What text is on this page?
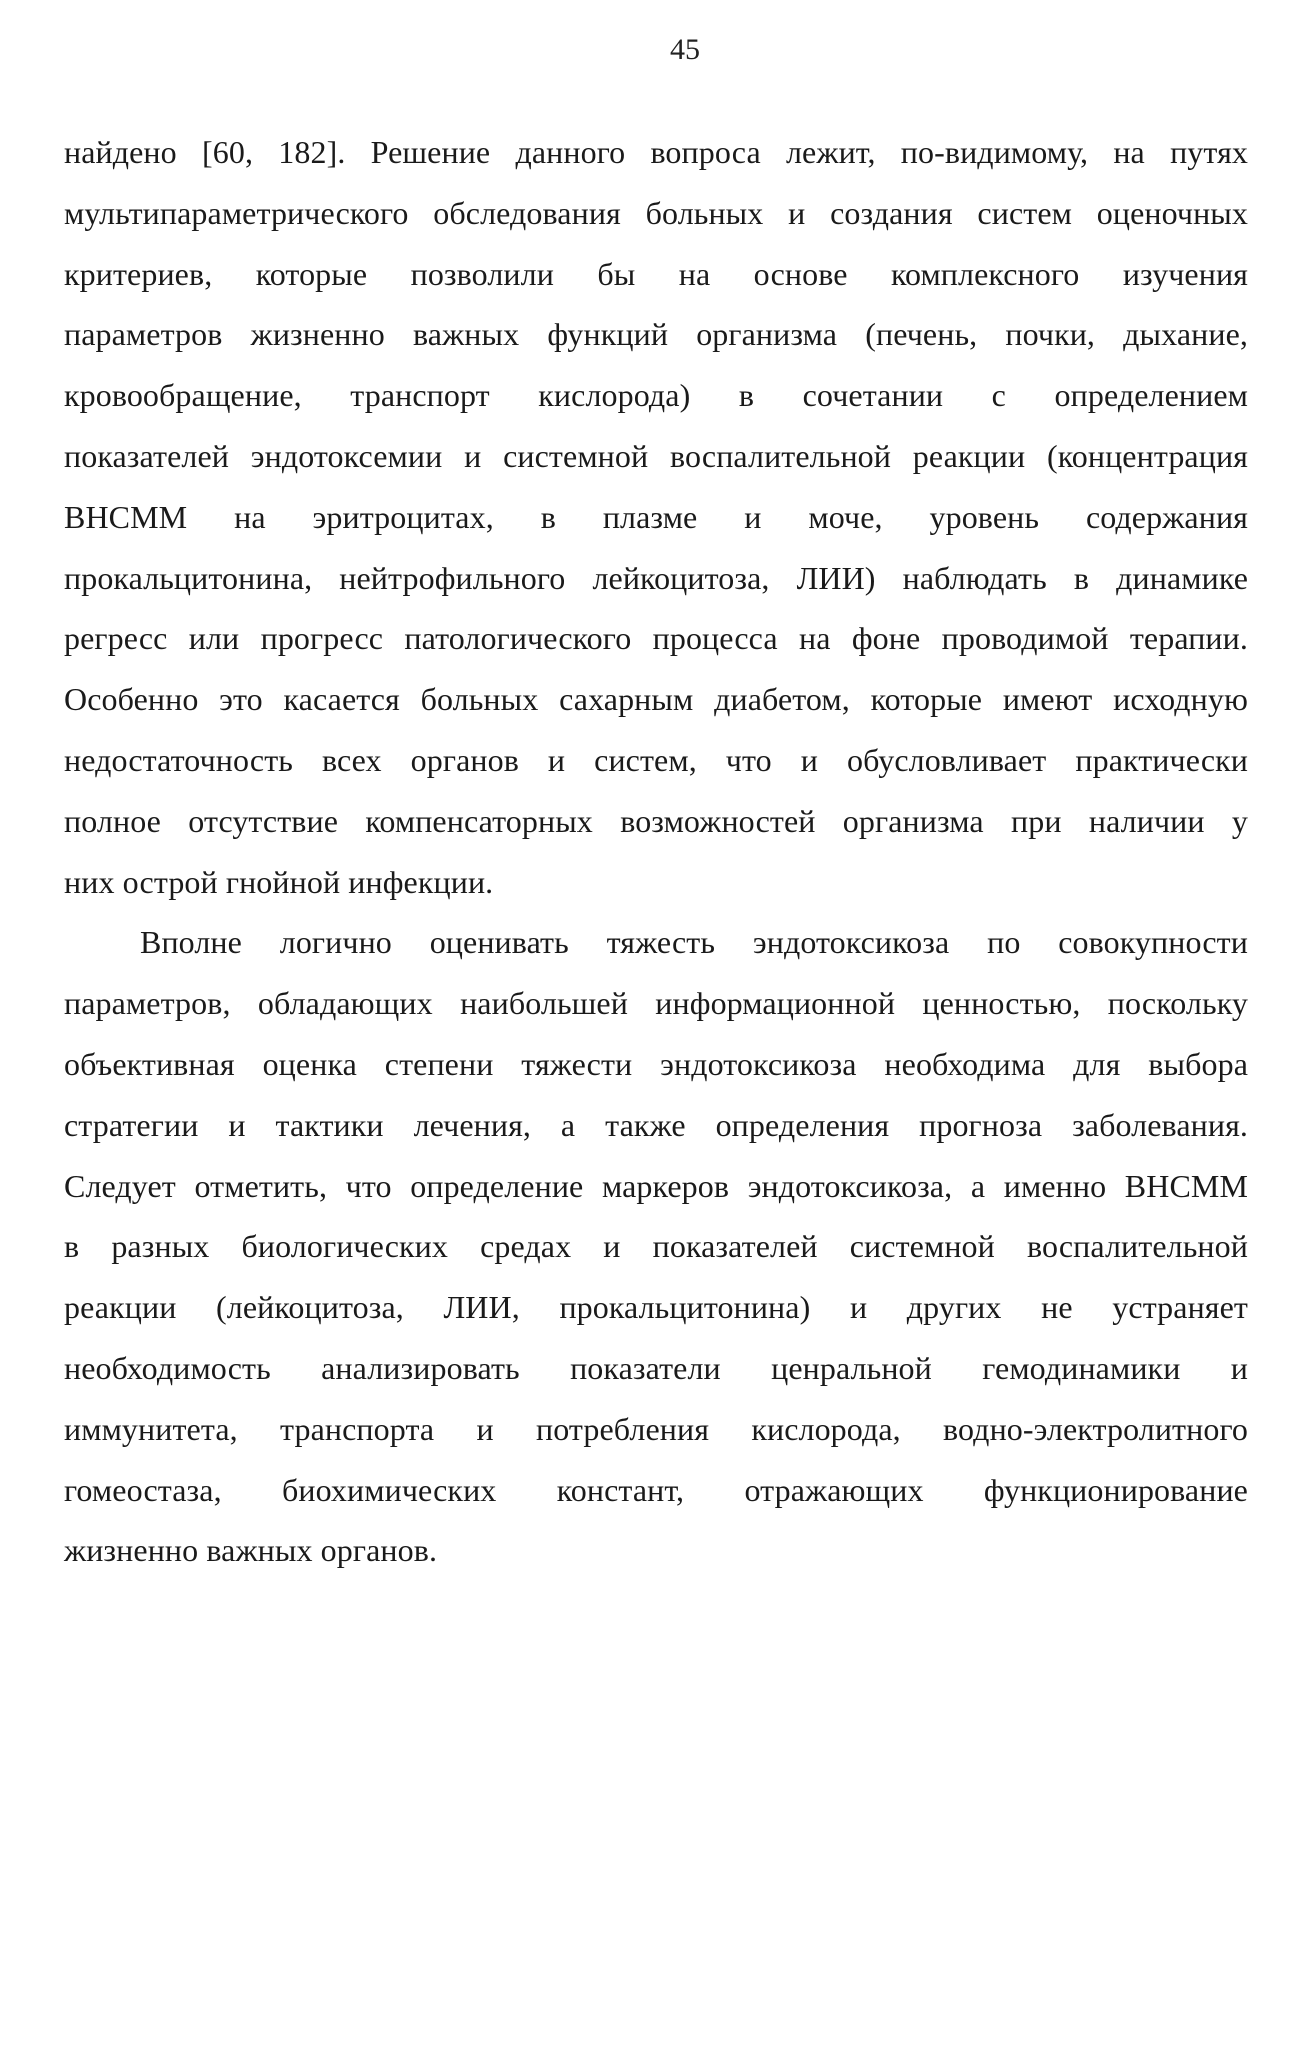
45
найдено [60, 182]. Решение данного вопроса лежит, по-видимому, на путях
мультипараметрического обследования больных и создания систем оценочных
критериев, которые позволили бы на основе комплексного изучения
параметров жизненно важных функций организма (печень, почки, дыхание,
кровообращение, транспорт кислорода) в сочетании с определением
показателей эндотоксемии и системной воспалительной реакции (концентрация
ВНСММ на эритроцитах, в плазме и моче, уровень содержания
прокальцитонина, нейтрофильного лейкоцитоза, ЛИИ) наблюдать в динамике
регресс или прогресс патологического процесса на фоне проводимой терапии.
Особенно это касается больных сахарным диабетом, которые имеют исходную
недостаточность всех органов и систем, что и обусловливает практически
полное отсутствие компенсаторных возможностей организма при наличии у
них острой гнойной инфекции.
Вполне логично оценивать тяжесть эндотоксикоза по совокупности
параметров, обладающих наибольшей информационной ценностью, поскольку
объективная оценка степени тяжести эндотоксикоза необходима для выбора
стратегии и тактики лечения, а также определения прогноза заболевания.
Следует отметить, что определение маркеров эндотоксикоза, а именно ВНСММ
в разных биологических средах и показателей системной воспалительной
реакции (лейкоцитоза, ЛИИ, прокальцитонина) и других не устраняет
необходимость анализировать показатели ценральной гемодинамики и
иммунитета, транспорта и потребления кислорода, водно-электролитного
гомеостаза, биохимических констант, отражающих функционирование
жизненно важных органов.
